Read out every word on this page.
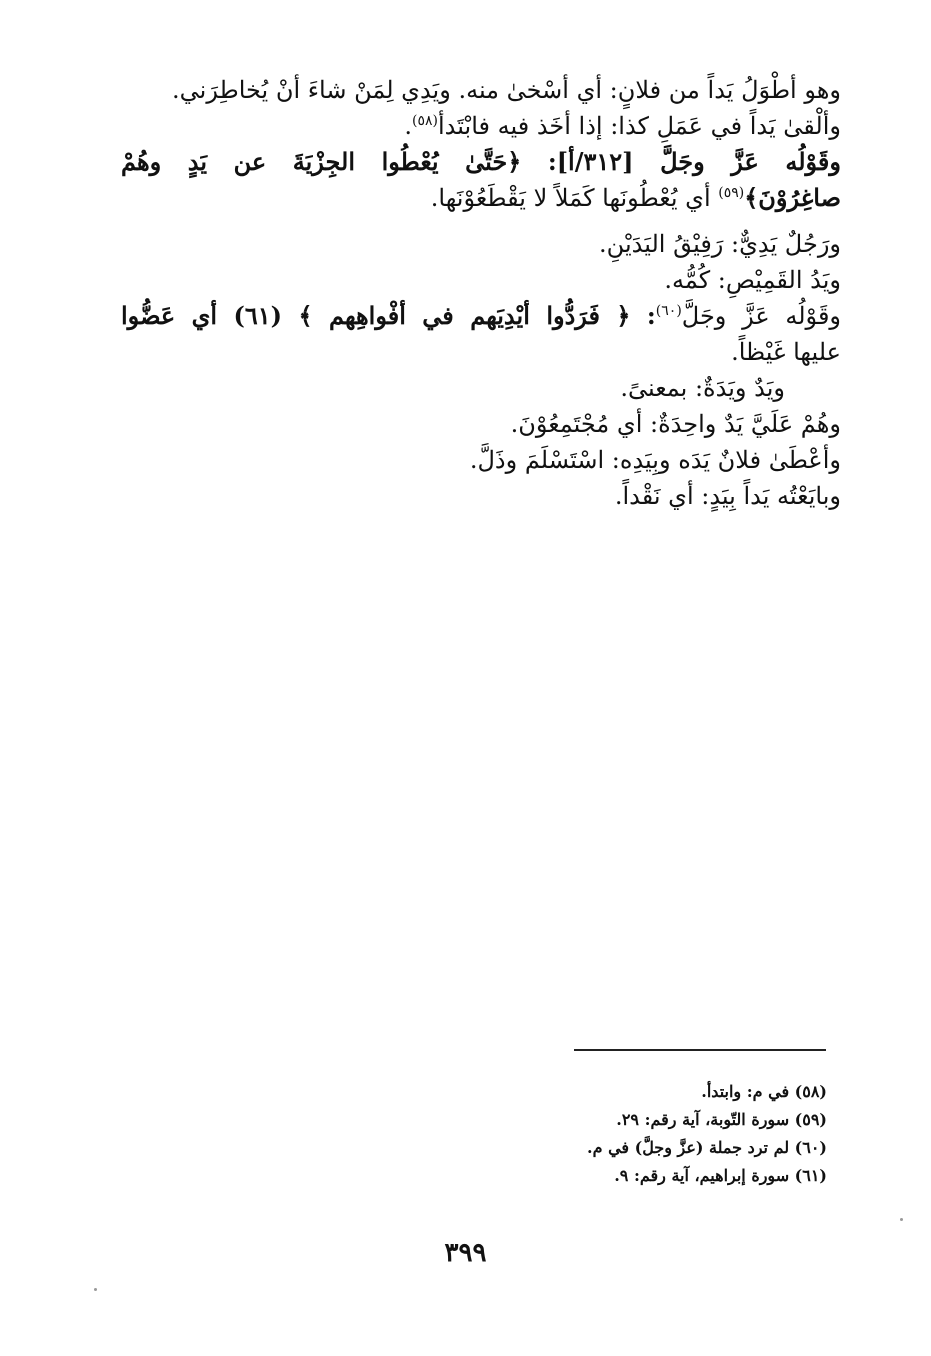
وهو أطْوَلُ يَداً من فلانٍ: أي أسْخىٰ منه. ويَدِي لِمَنْ شاءَ أنْ يُخاطِرَني.

وألْقىٰ يَداً في عَمَلِ كذا: إذا أخَذ فيه فابْتَدأ$^{(٥٨)}$.

وقَوْلُه عَزَّ وجَلَّ [٣١٢/أ]: ﴿حَتَّىٰ يُعْطُوا الجِزْيَةَ عن يَدٍ وهُمْ

صاغِرُوْنَ﴾$^{(٥٩)}$ أي يُعْطُونَها كَمَلاً لا يَقْطَعُوْنَها.

ورَجُلٌ يَدِيٌّ: رَفِيْقُ اليَدَيْنِ.

ويَدُ القَمِيْصِ: كُمُّه.

وقَوْلُه عَزَّ وجَلَّ$^{(٦٠)}$: ﴿ فَرَدُّوا أيْدِيَهم في أفْواهِهم ﴾ (٦١) أي عَضُّوا

عليها غَيْظاً.

ويَدٌ ويَدَةٌ: بمعنىً.

وهُمْ عَلَيَّ يَدٌ واحِدَةٌ: أي مُجْتَمِعُوْنَ.

وأعْطَىٰ فلانٌ يَدَه وبِيَدِه: اسْتَسْلَمَ وذَلَّ.

وبايَعْتُه يَداً بِيَدٍ: أي نَقْداً.

(٥٨) في م: وابتدأ.

(٥٩) سورة التّوبة، آية رقم: ٢٩.

(٦٠) لم ترد جملة (عزَّ وجلَّ) في م.

(٦١) سورة إبراهيم، آية رقم: ٩.

٣٩٩
